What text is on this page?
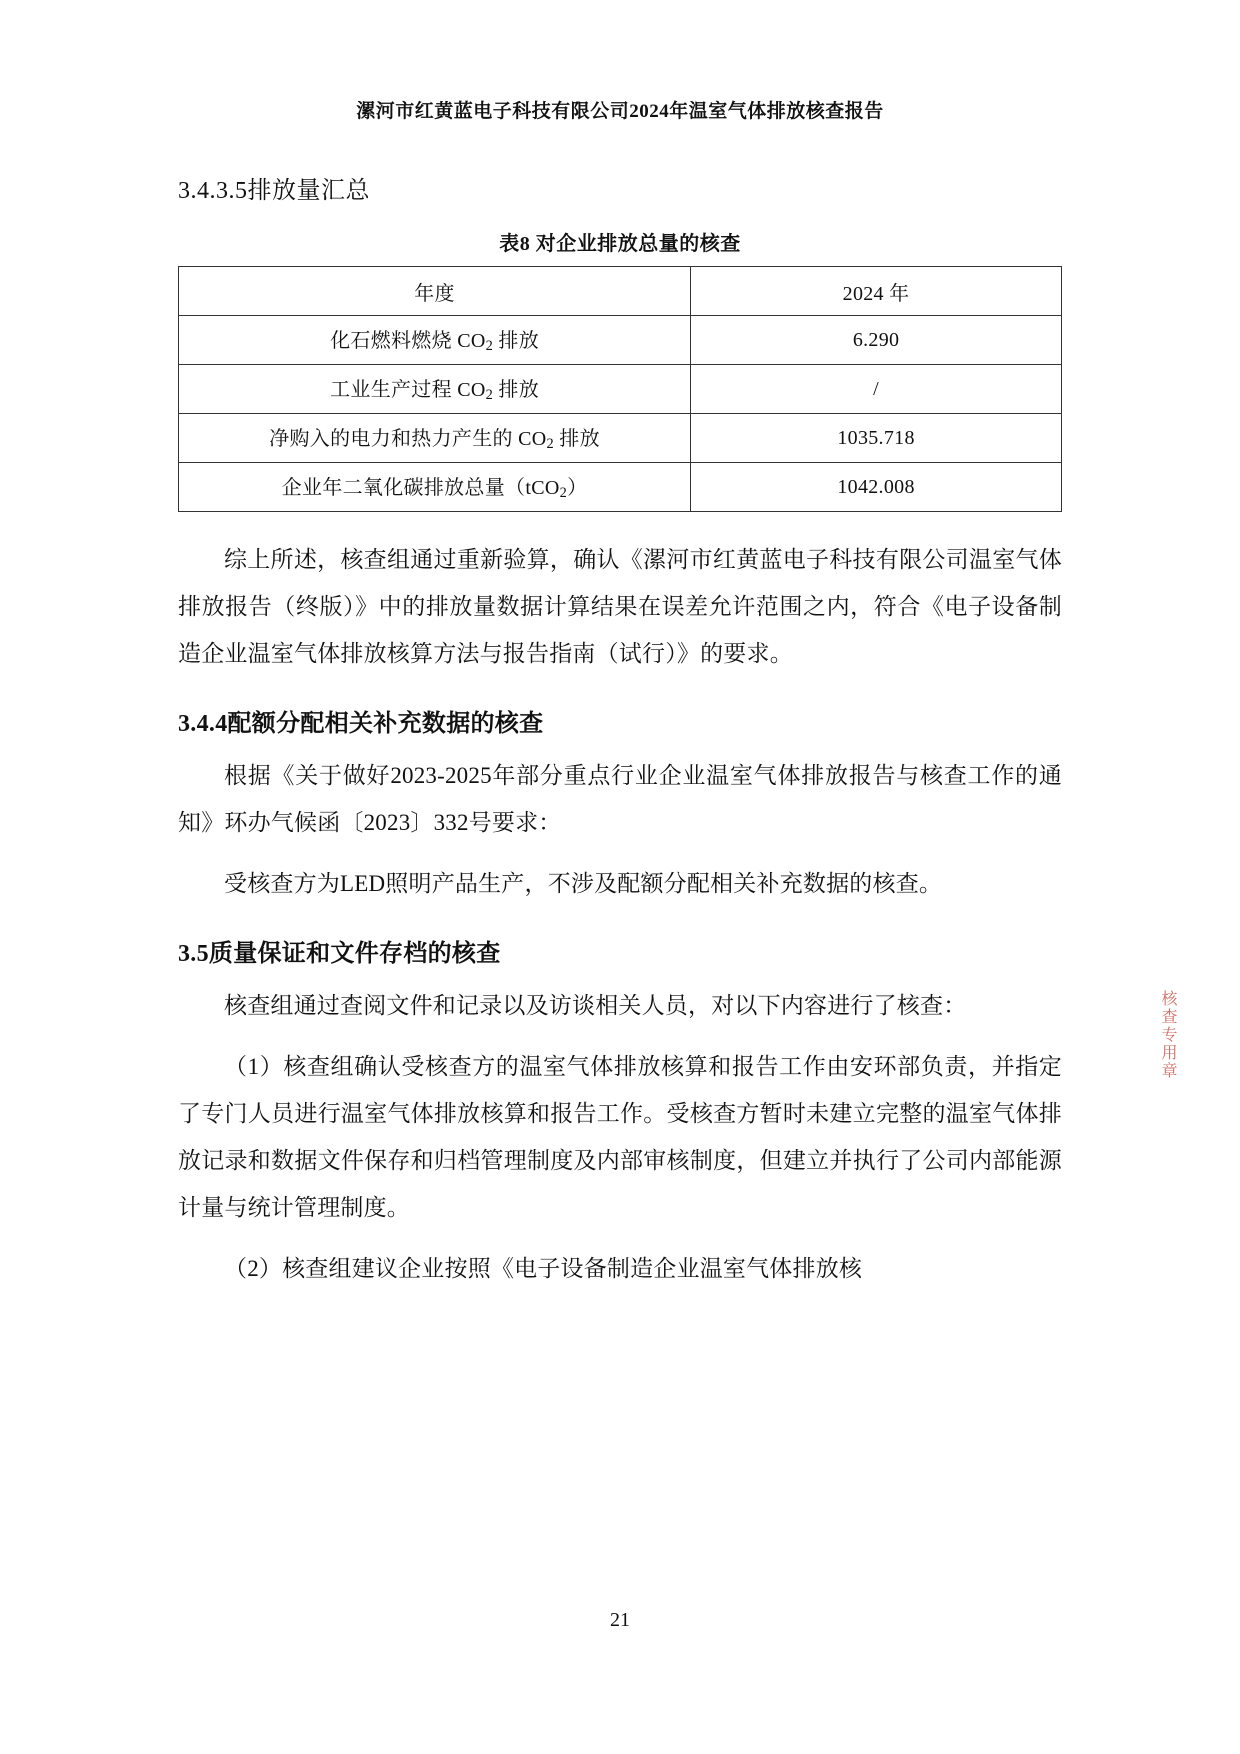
漯河市红黄蓝电子科技有限公司2024年温室气体排放核查报告
3.4.3.5排放量汇总
表8 对企业排放总量的核查
年度	2024 年
化石燃料燃烧 $CO_2$ 排放	6.290
工业生产过程 $CO_2$ 排放	/
净购入的电力和热力产生的 $CO_2$ 排放	1035.718
企业年二氧化碳排放总量（tCO$_2$）	1042.008

综上所述，核查组通过重新验算，确认《漯河市红黄蓝电子科技有限公司温室气体排放报告（终版）》中的排放量数据计算结果在误差允许范围之内，符合《电子设备制造企业温室气体排放核算方法与报告指南（试行）》的要求。

3.4.4配额分配相关补充数据的核查

根据《关于做好2023-2025年部分重点行业企业温室气体排放报告与核查工作的通知》环办气候函〔2023〕332号要求：

受核查方为LED照明产品生产，不涉及配额分配相关补充数据的核查。

3.5质量保证和文件存档的核查

核查组通过查阅文件和记录以及访谈相关人员，对以下内容进行了核查：

（1）核查组确认受核查方的温室气体排放核算和报告工作由安环部负责，并指定了专门人员进行温室气体排放核算和报告工作。受核查方暂时未建立完整的温室气体排放记录和数据文件保存和归档管理制度及内部审核制度，但建立并执行了公司内部能源计量与统计管理制度。

（2）核查组建议企业按照《电子设备制造企业温室气体排放核

核查专用章
21
